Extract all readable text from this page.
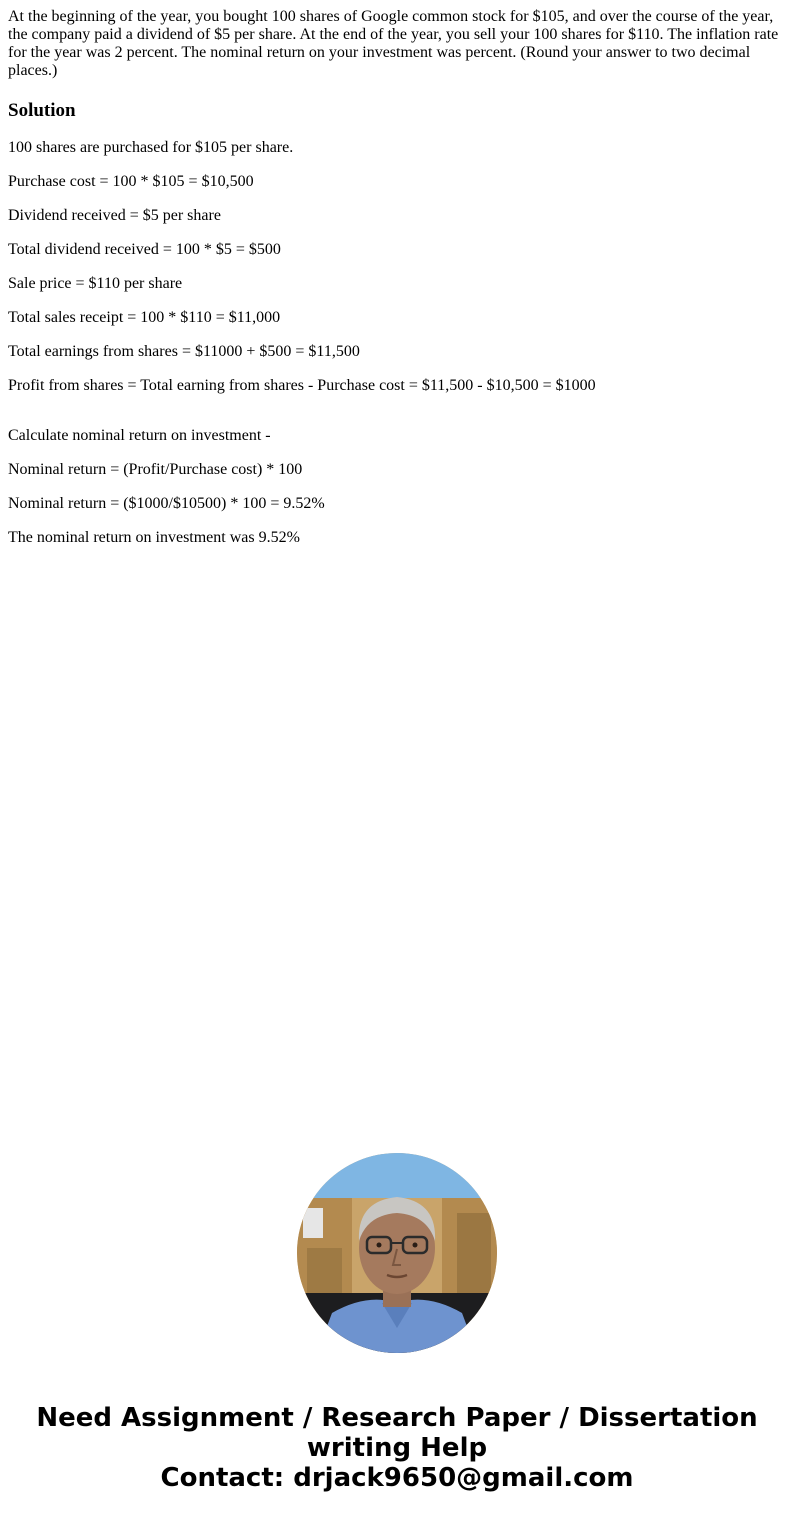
At the beginning of the year, you bought 100 shares of Google common stock for $105, and over the course of the year, the company paid a dividend of $5 per share. At the end of the year, you sell your 100 shares for $110. The inflation rate for the year was 2 percent. The nominal return on your investment was percent. (Round your answer to two decimal places.)

Solution

100 shares are purchased for $105 per share.

Purchase cost = 100 * $105 = $10,500

Dividend received = $5 per share

Total dividend received = 100 * $5 = $500

Sale price = $110 per share

Total sales receipt = 100 * $110 = $11,000

Total earnings from shares = $11000 + $500 = $11,500

Profit from shares = Total earning from shares - Purchase cost = $11,500 - $10,500 = $1000

Calculate nominal return on investment -

Nominal return = (Profit/Purchase cost) * 100

Nominal return = ($1000/$10500) * 100 = 9.52%

The nominal return on investment was 9.52%

Need Assignment / Research Paper / Dissertation
writing Help
Contact: drjack9650@gmail.com
